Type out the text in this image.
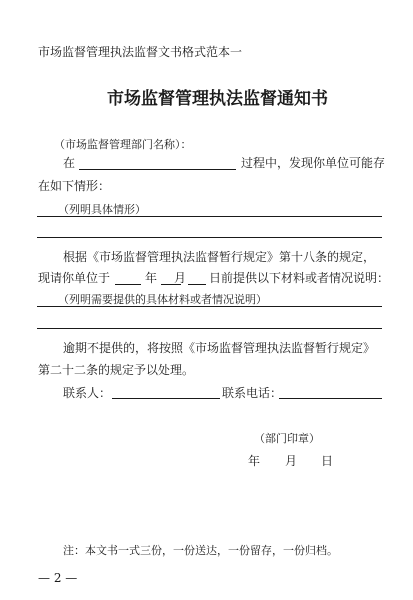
市场监督管理执法监督文书格式范本一
市场监督管理执法监督通知书
（市场监督管理部门名称）：
在	过程中，发现你单位可能存
在如下情形：
（列明具体情形）
根据《市场监督管理执法监督暂行规定》第十八条的规定，
现请你单位于	年 月 日前提供以下材料或者情况说明：
（列明需要提供的具体材料或者情况说明）
逾期不提供的，将按照《市场监督管理执法监督暂行规定》
第二十二条的规定予以处理。
联系人：	联系电话：
（部门印章）
年 月 日
注：本文书一式三份，一份送达，一份留存，一份归档。
— 2 —
